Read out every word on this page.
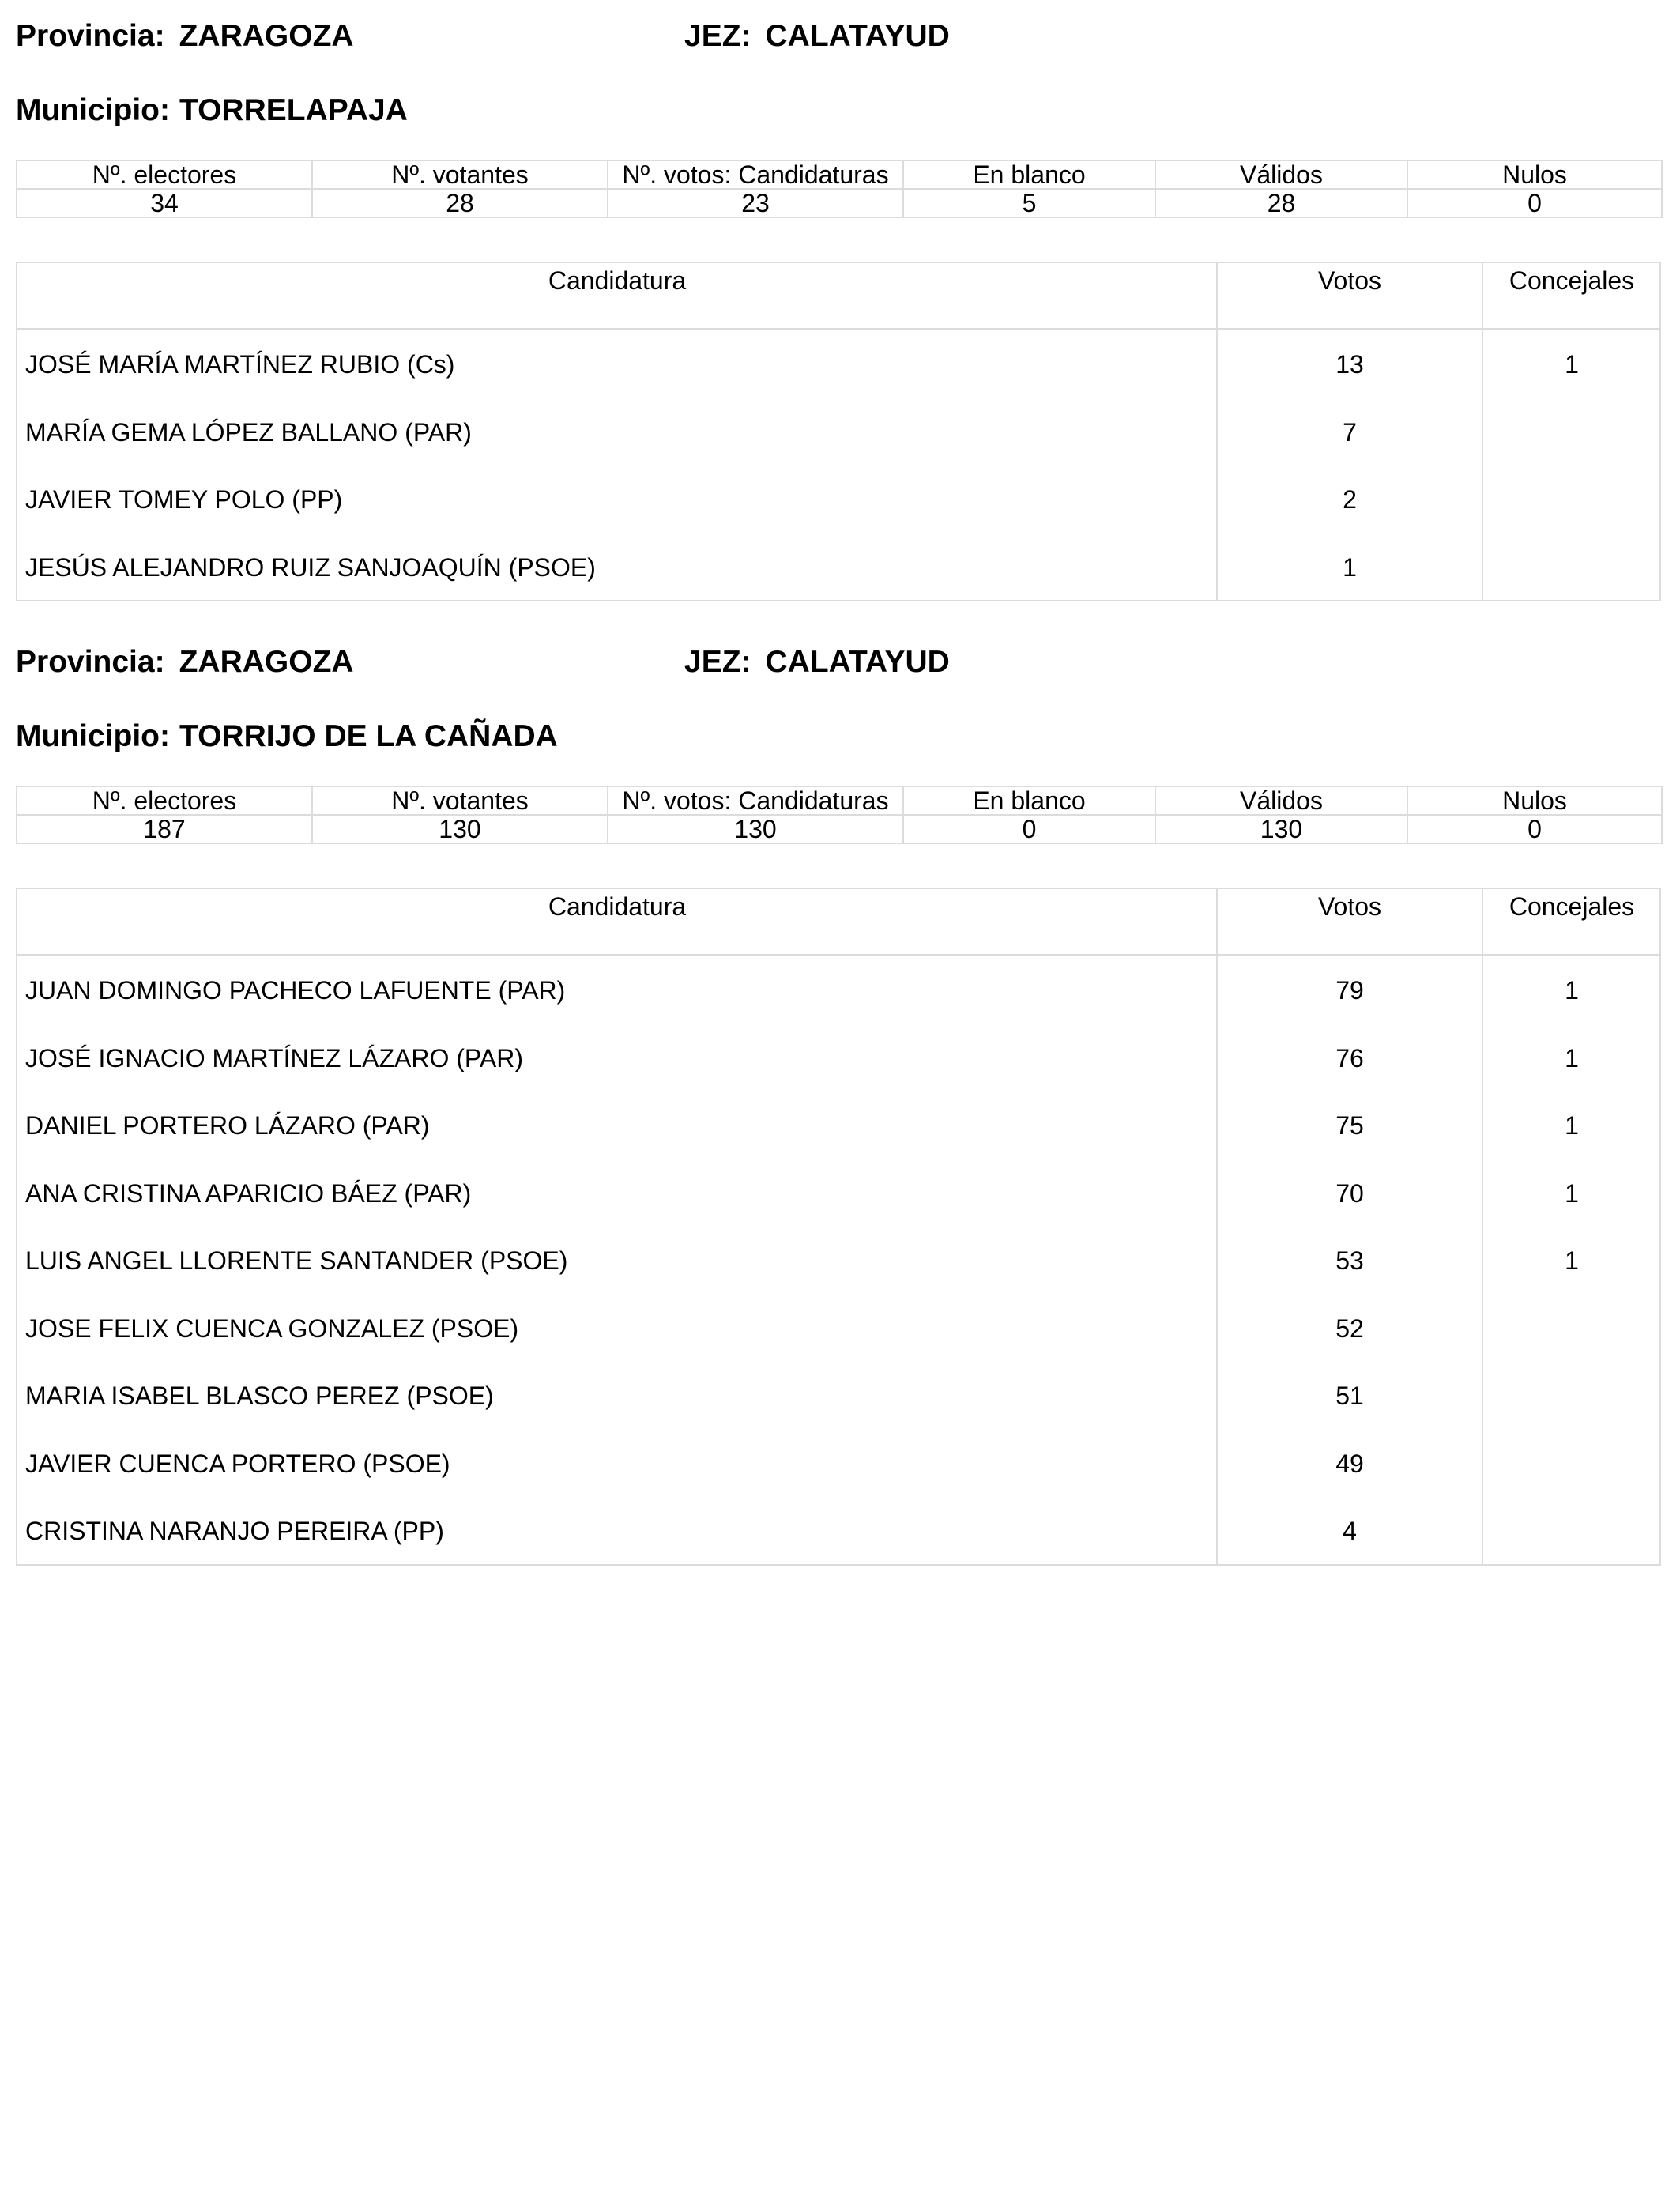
Provincia: ZARAGOZA	JEZ: CALATAYUD
Municipio: TORRELAPAJA
Nº. electores	Nº. votantes	Nº. votos: Candidaturas	En blanco	Válidos	Nulos
34	28	23	5	28	0
Candidatura	Votos	Concejales
JOSÉ MARÍA MARTÍNEZ RUBIO (Cs)	13	1
MARÍA GEMA LÓPEZ BALLANO (PAR)	7
JAVIER TOMEY POLO (PP)	2
JESÚS ALEJANDRO RUIZ SANJOAQUÍN (PSOE)	1
Provincia: ZARAGOZA	JEZ: CALATAYUD
Municipio: TORRIJO DE LA CAÑADA
Nº. electores	Nº. votantes	Nº. votos: Candidaturas	En blanco	Válidos	Nulos
187	130	130	0	130	0
Candidatura	Votos	Concejales
JUAN DOMINGO PACHECO LAFUENTE (PAR)	79	1
JOSÉ IGNACIO MARTÍNEZ LÁZARO (PAR)	76	1
DANIEL PORTERO LÁZARO (PAR)	75	1
ANA CRISTINA APARICIO BÁEZ (PAR)	70	1
LUIS ANGEL LLORENTE SANTANDER (PSOE)	53	1
JOSE FELIX CUENCA GONZALEZ (PSOE)	52
MARIA ISABEL BLASCO PEREZ (PSOE)	51
JAVIER CUENCA PORTERO (PSOE)	49
CRISTINA NARANJO PEREIRA (PP)	4
